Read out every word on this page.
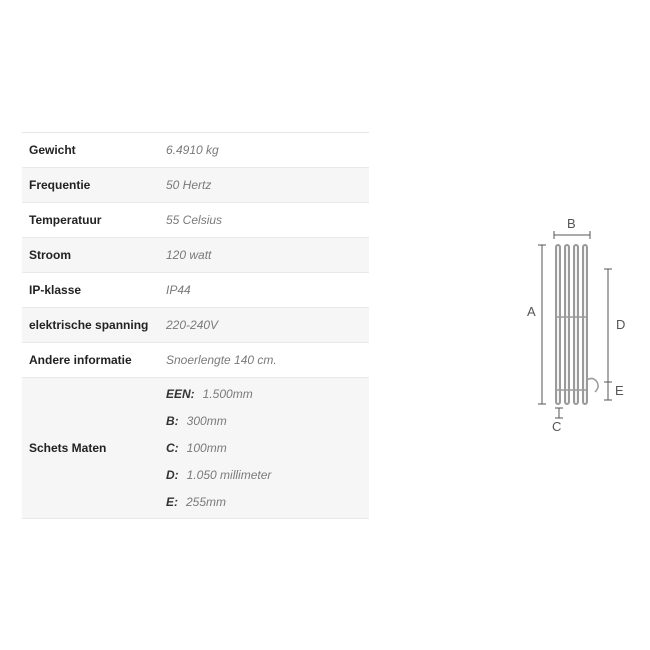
Gewicht	6.4910 kg
Frequentie	50 Hertz
Temperatuur	55 Celsius
Stroom	120 watt
IP-klasse	IP44
elektrische spanning	220-240V
Andere informatie	Snoerlengte 140 cm.
Schets Maten
EEN: 1.500mm
B: 300mm
C: 100mm
D: 1.050 millimeter
E: 255mm
B
A
D
E
C
